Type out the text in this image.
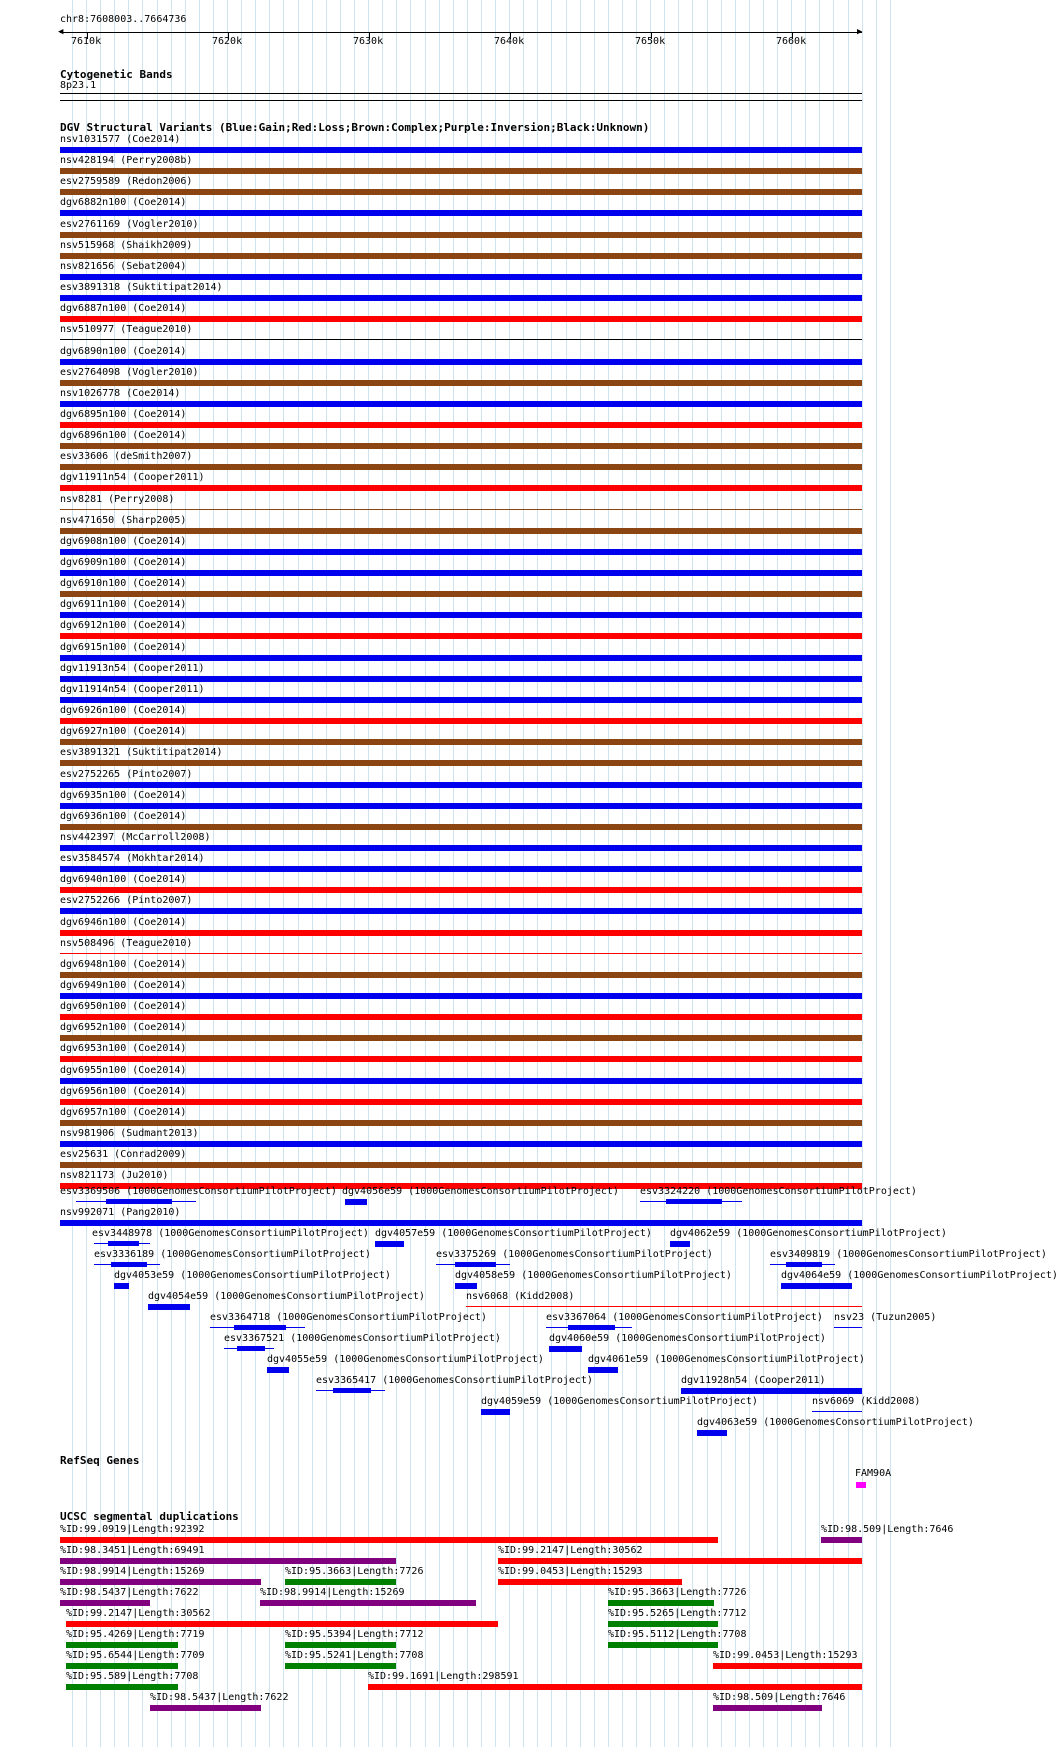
chr8:7608003..7664736
◀	▶
7610k	7620k	7630k	7640k	7650k	7660k
Cytogenetic Bands
8p23.1
DGV Structural Variants (Blue:Gain;Red:Loss;Brown:Complex;Purple:Inversion;Black:Unknown)
nsv1031577 (Coe2014)
nsv428194 (Perry2008b)
esv2759589 (Redon2006)
dgv6882n100 (Coe2014)
esv2761169 (Vogler2010)
nsv515968 (Shaikh2009)
nsv821656 (Sebat2004)
esv3891318 (Suktitipat2014)
dgv6887n100 (Coe2014)
nsv510977 (Teague2010)
dgv6890n100 (Coe2014)
esv2764098 (Vogler2010)
nsv1026778 (Coe2014)
dgv6895n100 (Coe2014)
dgv6896n100 (Coe2014)
esv33606 (deSmith2007)
dgv11911n54 (Cooper2011)
nsv8281 (Perry2008)
nsv471650 (Sharp2005)
dgv6908n100 (Coe2014)
dgv6909n100 (Coe2014)
dgv6910n100 (Coe2014)
dgv6911n100 (Coe2014)
dgv6912n100 (Coe2014)
dgv6915n100 (Coe2014)
dgv11913n54 (Cooper2011)
dgv11914n54 (Cooper2011)
dgv6926n100 (Coe2014)
dgv6927n100 (Coe2014)
esv3891321 (Suktitipat2014)
esv2752265 (Pinto2007)
dgv6935n100 (Coe2014)
dgv6936n100 (Coe2014)
nsv442397 (McCarroll2008)
esv3584574 (Mokhtar2014)
dgv6940n100 (Coe2014)
esv2752266 (Pinto2007)
dgv6946n100 (Coe2014)
nsv508496 (Teague2010)
dgv6948n100 (Coe2014)
dgv6949n100 (Coe2014)
dgv6950n100 (Coe2014)
dgv6952n100 (Coe2014)
dgv6953n100 (Coe2014)
dgv6955n100 (Coe2014)
dgv6956n100 (Coe2014)
dgv6957n100 (Coe2014)
nsv981906 (Sudmant2013)
esv25631 (Conrad2009)
nsv821173 (Ju2010)
esv3369506 (1000GenomesConsortiumPilotProject) dgv4056e59 (1000GenomesConsortiumPilotProject) esv3324220 (1000GenomesConsortiumPilotProject)
nsv992071 (Pang2010)
esv3448978 (1000GenomesConsortiumPilotProject) dgv4057e59 (1000GenomesConsortiumPilotProject) dgv4062e59 (1000GenomesConsortiumPilotProject)
esv3336189 (1000GenomesConsortiumPilotProject)	esv3375269 (1000GenomesConsortiumPilotProject)	esv3409819 (1000GenomesConsortiumPilotProject)
dgv4053e59 (1000GenomesConsortiumPilotProject)	dgv4058e59 (1000GenomesConsortiumPilotProject)	dgv4064e59 (1000GenomesConsortiumPilotProject)
dgv4054e59 (1000GenomesConsortiumPilotProject)	nsv6068 (Kidd2008)
esv3364718 (1000GenomesConsortiumPilotProject)	esv3367064 (1000GenomesConsortiumPilotProject) nsv23 (Tuzun2005)
esv3367521 (1000GenomesConsortiumPilotProject)	dgv4060e59 (1000GenomesConsortiumPilotProject)
dgv4055e59 (1000GenomesConsortiumPilotProject)	dgv4061e59 (1000GenomesConsortiumPilotProject)
esv3365417 (1000GenomesConsortiumPilotProject)	dgv11928n54 (Cooper2011)
dgv4059e59 (1000GenomesConsortiumPilotProject)	nsv6069 (Kidd2008)
dgv4063e59 (1000GenomesConsortiumPilotProject)
RefSeq Genes
FAM90A
▸
UCSC segmental duplications
%ID:99.0919|Length:92392	%ID:98.509|Length:7646
%ID:98.3451|Length:69491	%ID:99.2147|Length:30562
%ID:98.9914|Length:15269	%ID:95.3663|Length:7726	%ID:99.0453|Length:15293
%ID:98.5437|Length:7622	%ID:98.9914|Length:15269	%ID:95.3663|Length:7726
%ID:99.2147|Length:30562	%ID:95.5265|Length:7712
%ID:95.4269|Length:7719	%ID:95.5394|Length:7712	%ID:95.5112|Length:7708
%ID:95.6544|Length:7709	%ID:95.5241|Length:7708	%ID:99.0453|Length:15293
%ID:95.589|Length:7708	%ID:99.1691|Length:298591
%ID:98.5437|Length:7622	%ID:98.509|Length:7646
